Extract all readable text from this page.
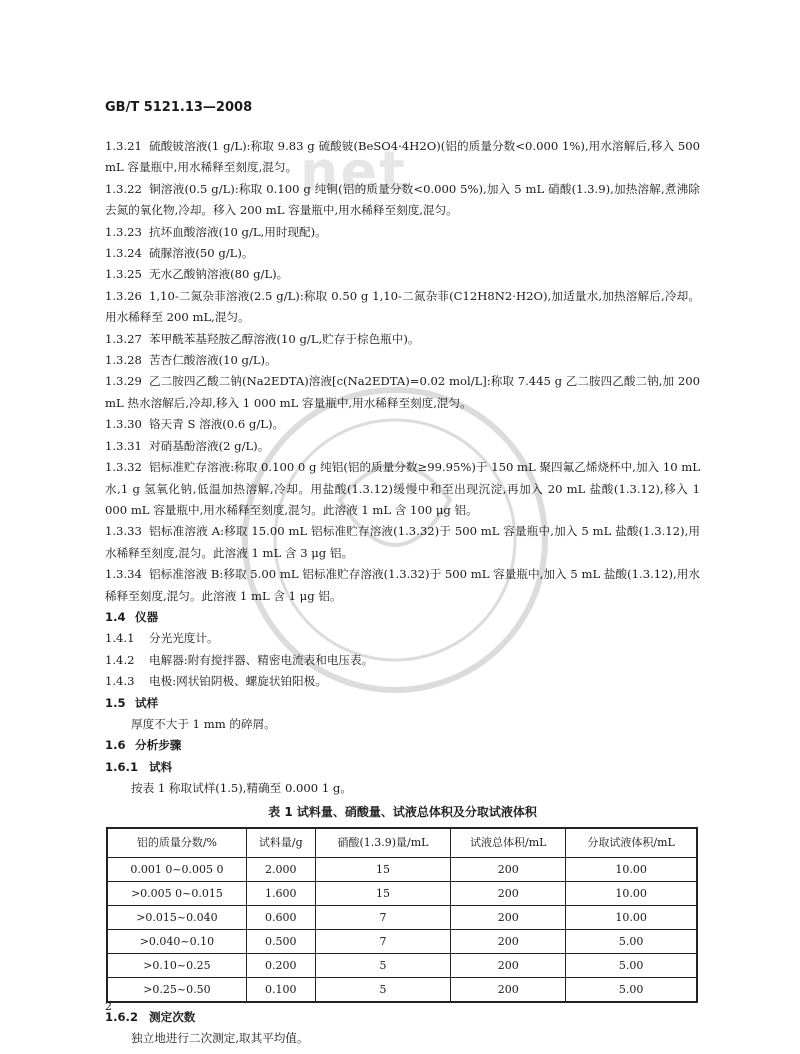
net
GB/T 5121.13—2008

1.3.21 硫酸铍溶液(1 g/L):称取 9.83 g 硫酸铍(BeSO4·4H2O)(铝的质量分数<0.000 1%),用水溶解后,移入 500 mL 容量瓶中,用水稀释至刻度,混匀。

1.3.22 铜溶液(0.5 g/L):称取 0.100 g 纯铜(铝的质量分数<0.000 5%),加入 5 mL 硝酸(1.3.9),加热溶解,煮沸除去氮的氧化物,冷却。移入 200 mL 容量瓶中,用水稀释至刻度,混匀。

1.3.23 抗坏血酸溶液(10 g/L,用时现配)。

1.3.24 硫脲溶液(50 g/L)。

1.3.25 无水乙酸钠溶液(80 g/L)。

1.3.26 1,10-二氮杂菲溶液(2.5 g/L):称取 0.50 g 1,10-二氮杂菲(C12H8N2·H2O),加适量水,加热溶解后,冷却。用水稀释至 200 mL,混匀。

1.3.27 苯甲酰苯基羟胺乙醇溶液(10 g/L,贮存于棕色瓶中)。

1.3.28 苦杏仁酸溶液(10 g/L)。

1.3.29 乙二胺四乙酸二钠(Na2EDTA)溶液[c(Na2EDTA)=0.02 mol/L]:称取 7.445 g 乙二胺四乙酸二钠,加 200 mL 热水溶解后,冷却,移入 1 000 mL 容量瓶中,用水稀释至刻度,混匀。

1.3.30 铬天青 S 溶液(0.6 g/L)。

1.3.31 对硝基酚溶液(2 g/L)。

1.3.32 铝标准贮存溶液:称取 0.100 0 g 纯铝(铝的质量分数≥99.95%)于 150 mL 聚四氟乙烯烧杯中,加入 10 mL 水,1 g 氢氧化钠,低温加热溶解,冷却。用盐酸(1.3.12)缓慢中和至出现沉淀,再加入 20 mL 盐酸(1.3.12),移入 1 000 mL 容量瓶中,用水稀释至刻度,混匀。此溶液 1 mL 含 100 μg 铝。

1.3.33 铝标准溶液 A:移取 15.00 mL 铝标准贮存溶液(1.3.32)于 500 mL 容量瓶中,加入 5 mL 盐酸(1.3.12),用水稀释至刻度,混匀。此溶液 1 mL 含 3 μg 铝。

1.3.34 铝标准溶液 B:移取 5.00 mL 铝标准贮存溶液(1.3.32)于 500 mL 容量瓶中,加入 5 mL 盐酸(1.3.12),用水稀释至刻度,混匀。此溶液 1 mL 含 1 μg 铝。

1.4 仪器

1.4.1 分光光度计。

1.4.2 电解器:附有搅拌器、精密电流表和电压表。

1.4.3 电极:网状铂阴极、螺旋状铂阳极。

1.5 试样

厚度不大于 1 mm 的碎屑。

1.6 分析步骤

1.6.1 试料

按表 1 称取试样(1.5),精确至 0.000 1 g。

表 1 试料量、硝酸量、试液总体积及分取试液体积
铝的质量分数/%	试料量/g	硝酸(1.3.9)量/mL	试液总体积/mL	分取试液体积/mL
0.001 0~0.005 0	2.000	15	200	10.00
>0.005 0~0.015	1.600	15	200	10.00
>0.015~0.040	0.600	7	200	10.00
>0.040~0.10	0.500	7	200	5.00
>0.10~0.25	0.200	5	200	5.00
>0.25~0.50	0.100	5	200	5.00

1.6.2 测定次数

独立地进行二次测定,取其平均值。

2
